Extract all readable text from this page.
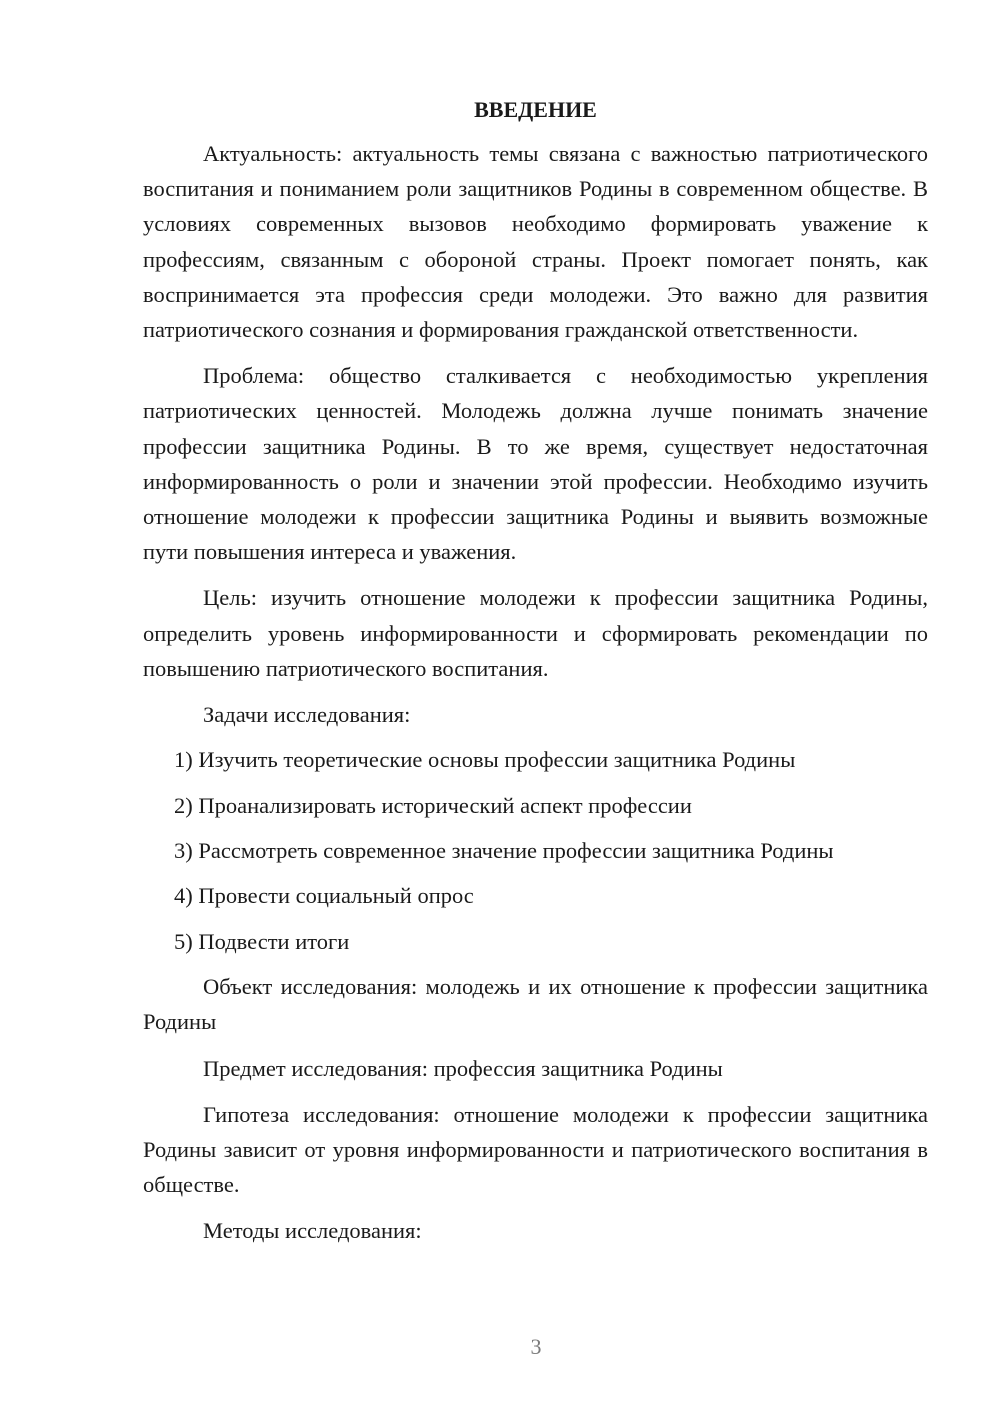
ВВЕДЕНИЕ

Актуальность: актуальность темы связана с важностью патриотического воспитания и пониманием роли защитников Родины в современном обществе. В условиях современных вызовов необходимо формировать уважение к профессиям, связанным с обороной страны. Проект помогает понять, как воспринимается эта профессия среди молодежи. Это важно для развития патриотического сознания и формирования гражданской ответственности.

Проблема: общество сталкивается с необходимостью укрепления патриотических ценностей. Молодежь должна лучше понимать значение профессии защитника Родины. В то же время, существует недостаточная информированность о роли и значении этой профессии. Необходимо изучить отношение молодежи к профессии защитника Родины и выявить возможные пути повышения интереса и уважения.

Цель: изучить отношение молодежи к профессии защитника Родины, определить уровень информированности и сформировать рекомендации по повышению патриотического воспитания.

Задачи исследования:

1) Изучить теоретические основы профессии защитника Родины
2) Проанализировать исторический аспект профессии
3) Рассмотреть современное значение профессии защитника Родины
4) Провести социальный опрос
5) Подвести итоги

Объект исследования: молодежь и их отношение к профессии защитника Родины

Предмет исследования: профессия защитника Родины

Гипотеза исследования: отношение молодежи к профессии защитника Родины зависит от уровня информированности и патриотического воспитания в обществе.

Методы исследования:

3
